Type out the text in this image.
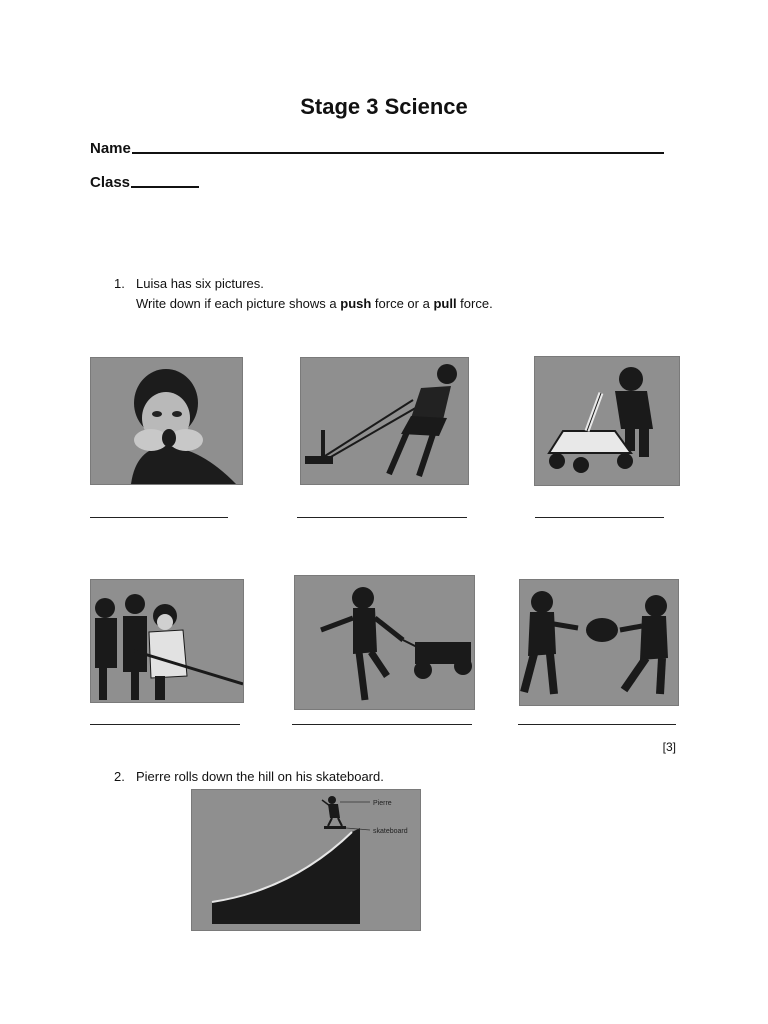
Stage 3 Science
Name
Class
1. Luisa has six pictures.
Write down if each picture shows a push force or a pull force.
[3]
2. Pierre rolls down the hill on his skateboard.
Pierre
skateboard
